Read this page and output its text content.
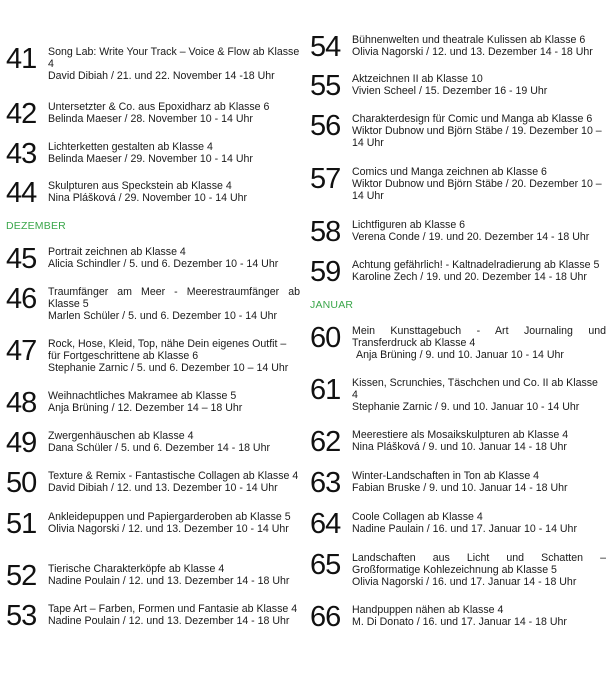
41 Song Lab: Write Your Track – Voice & Flow ab Klasse 4
David Dibiah / 21. und 22. November 14 -18 Uhr
42 Untersetzter & Co. aus Epoxidharz ab Klasse 6
Belinda Maeser / 28. November 10 - 14 Uhr
43 Lichterketten gestalten ab Klasse 4
Belinda Maeser / 29. November 10 - 14 Uhr
44 Skulpturen aus Speckstein ab Klasse 4
Nina Plášková / 29. November 10 - 14 Uhr
DEZEMBER
45 Portrait zeichnen ab Klasse 4
Alicia Schindler / 5. und 6. Dezember 10 - 14 Uhr
46 Traumfänger am Meer - Meerestraumfänger ab Klasse 5
Marlen Schüler / 5. und 6. Dezember 10 - 14 Uhr
47 Rock, Hose, Kleid, Top, nähe Dein eigenes Outfit – für Fortgeschrittene ab Klasse 6
Stephanie Zarnic / 5. und 6. Dezember 10 – 14 Uhr
48 Weihnachtliches Makramee ab Klasse 5
Anja Brüning / 12. Dezember 14 – 18 Uhr
49 Zwergenhäuschen ab Klasse 4
Dana Schüler / 5. und 6. Dezember 14 - 18 Uhr
50 Texture & Remix - Fantastische Collagen ab Klasse 4 David Dibiah / 12. und 13. Dezember 10 - 14 Uhr
51 Ankleidepuppen und Papiergarderoben ab Klasse 5
Olivia Nagorski / 12. und 13. Dezember 10 - 14 Uhr
52 Tierische Charakterköpfe ab Klasse 4
Nadine Poulain / 12. und 13. Dezember 14 - 18 Uhr
53 Tape Art – Farben, Formen und Fantasie ab Klasse 4
Nadine Poulain / 12. und 13. Dezember 14 - 18 Uhr
54 Bühnenwelten und theatrale Kulissen ab Klasse 6
Olivia Nagorski / 12. und 13. Dezember 14 - 18 Uhr
55 Aktzeichnen II ab Klasse 10
Vivien Scheel / 15. Dezember 16 - 19 Uhr
56 Charakterdesign für Comic und Manga ab Klasse 6
Wiktor Dubnow und Björn Stäbe / 19. Dezember 10 – 14 Uhr
57 Comics und Manga zeichnen ab Klasse 6
Wiktor Dubnow und Björn Stäbe / 20. Dezember 10 – 14 Uhr
58 Lichtfiguren ab Klasse 6
Verena Conde / 19. und 20. Dezember 14 - 18 Uhr
59 Achtung gefährlich! - Kaltnadelradierung ab Klasse 5 Karoline Zech / 19. und 20. Dezember 14 - 18 Uhr
JANUAR
60 Mein Kunsttagebuch - Art Journaling und Transferdruck ab Klasse 4
Anja Brüning / 9. und 10. Januar 10 - 14 Uhr
61 Kissen, Scrunchies, Täschchen und Co. II ab Klasse 4
Stephanie Zarnic / 9. und 10. Januar 10 - 14 Uhr
62 Meerestiere als Mosaikskulpturen ab Klasse 4
Nina Plášková / 9. und 10. Januar 14 - 18 Uhr
63 Winter-Landschaften in Ton ab Klasse 4
Fabian Bruske / 9. und 10. Januar 14 - 18 Uhr
64 Coole Collagen ab Klasse 4
Nadine Paulain / 16. und 17. Januar 10 - 14 Uhr
65 Landschaften aus Licht und Schatten – Großformatige Kohlezeichnung ab Klasse 5
Olivia Nagorski / 16. und 17. Januar 14 - 18 Uhr
66 Handpuppen nähen ab Klasse 4
M. Di Donato / 16. und 17. Januar 14 - 18 Uhr
